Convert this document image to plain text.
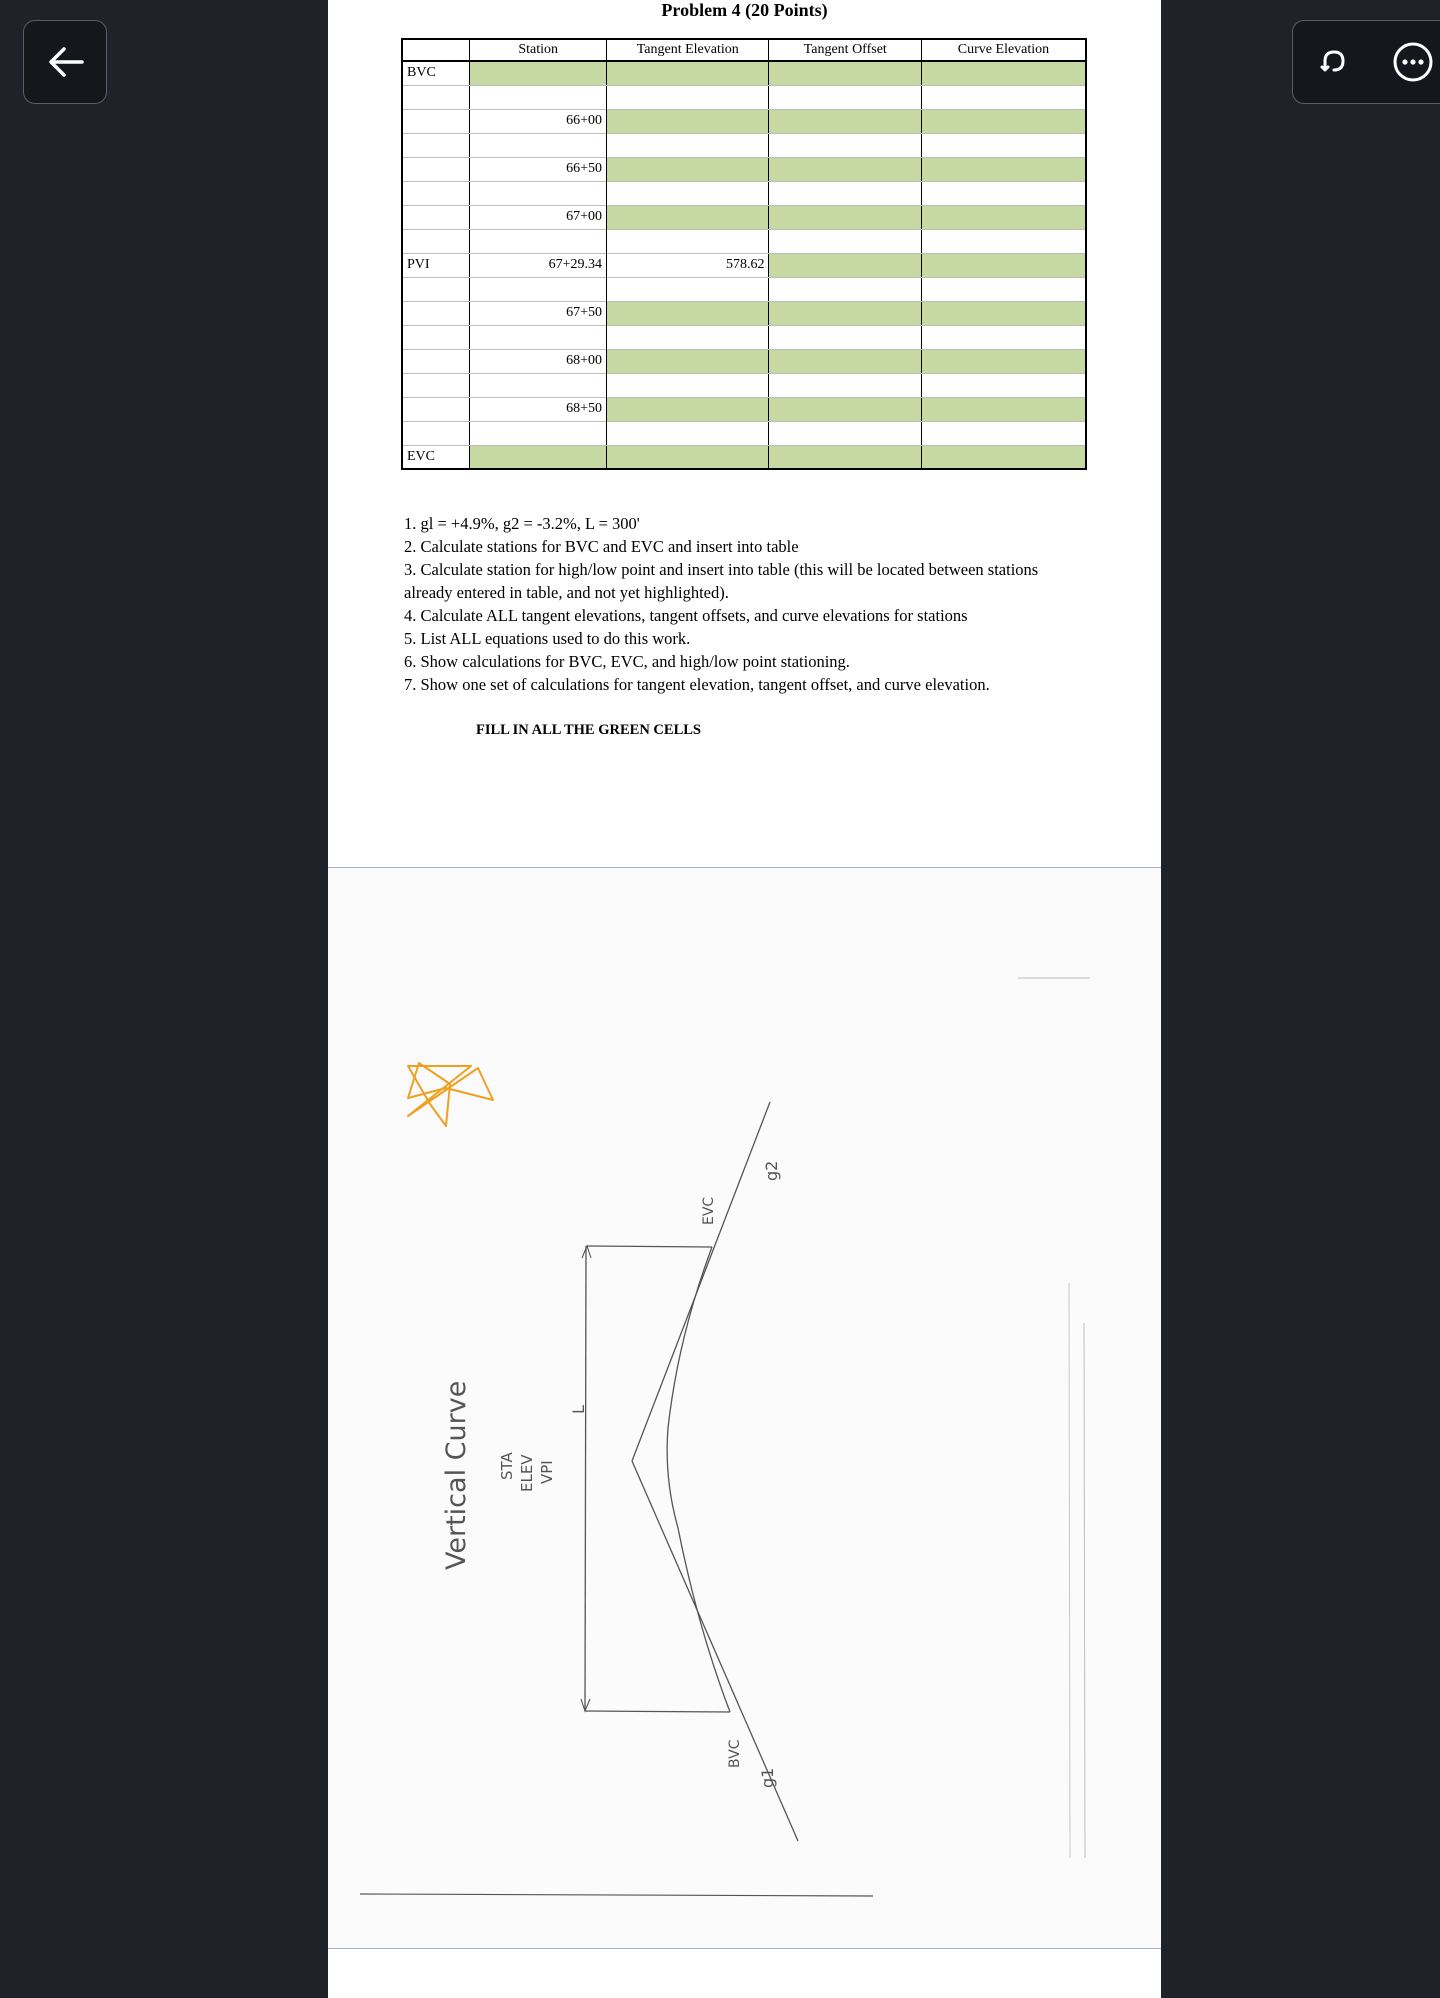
Problem 4 (20 Points)
	Station	Tangent Elevation	Tangent Offset	Curve Elevation
BVC				

	66+00			

	66+50			

	67+00			

PVI	67+29.34	578.62		

	67+50			

	68+00			

	68+50			

EVC				
1. gl = +4.9%, g2 = -3.2%, L = 300'
2. Calculate stations for BVC and EVC and insert into table
3. Calculate station for high/low point and insert into table (this will be located between stations already entered in table, and not yet highlighted).
4. Calculate ALL tangent elevations, tangent offsets, and curve elevations for stations
5. List ALL equations used to do this work.
6. Show calculations for BVC, EVC, and high/low point stationing.
7. Show one set of calculations for tangent elevation, tangent offset, and curve elevation.
FILL IN ALL THE GREEN CELLS
Vertical Curve STA ELEV VPI
L
EVC
BVC
g1
g2
